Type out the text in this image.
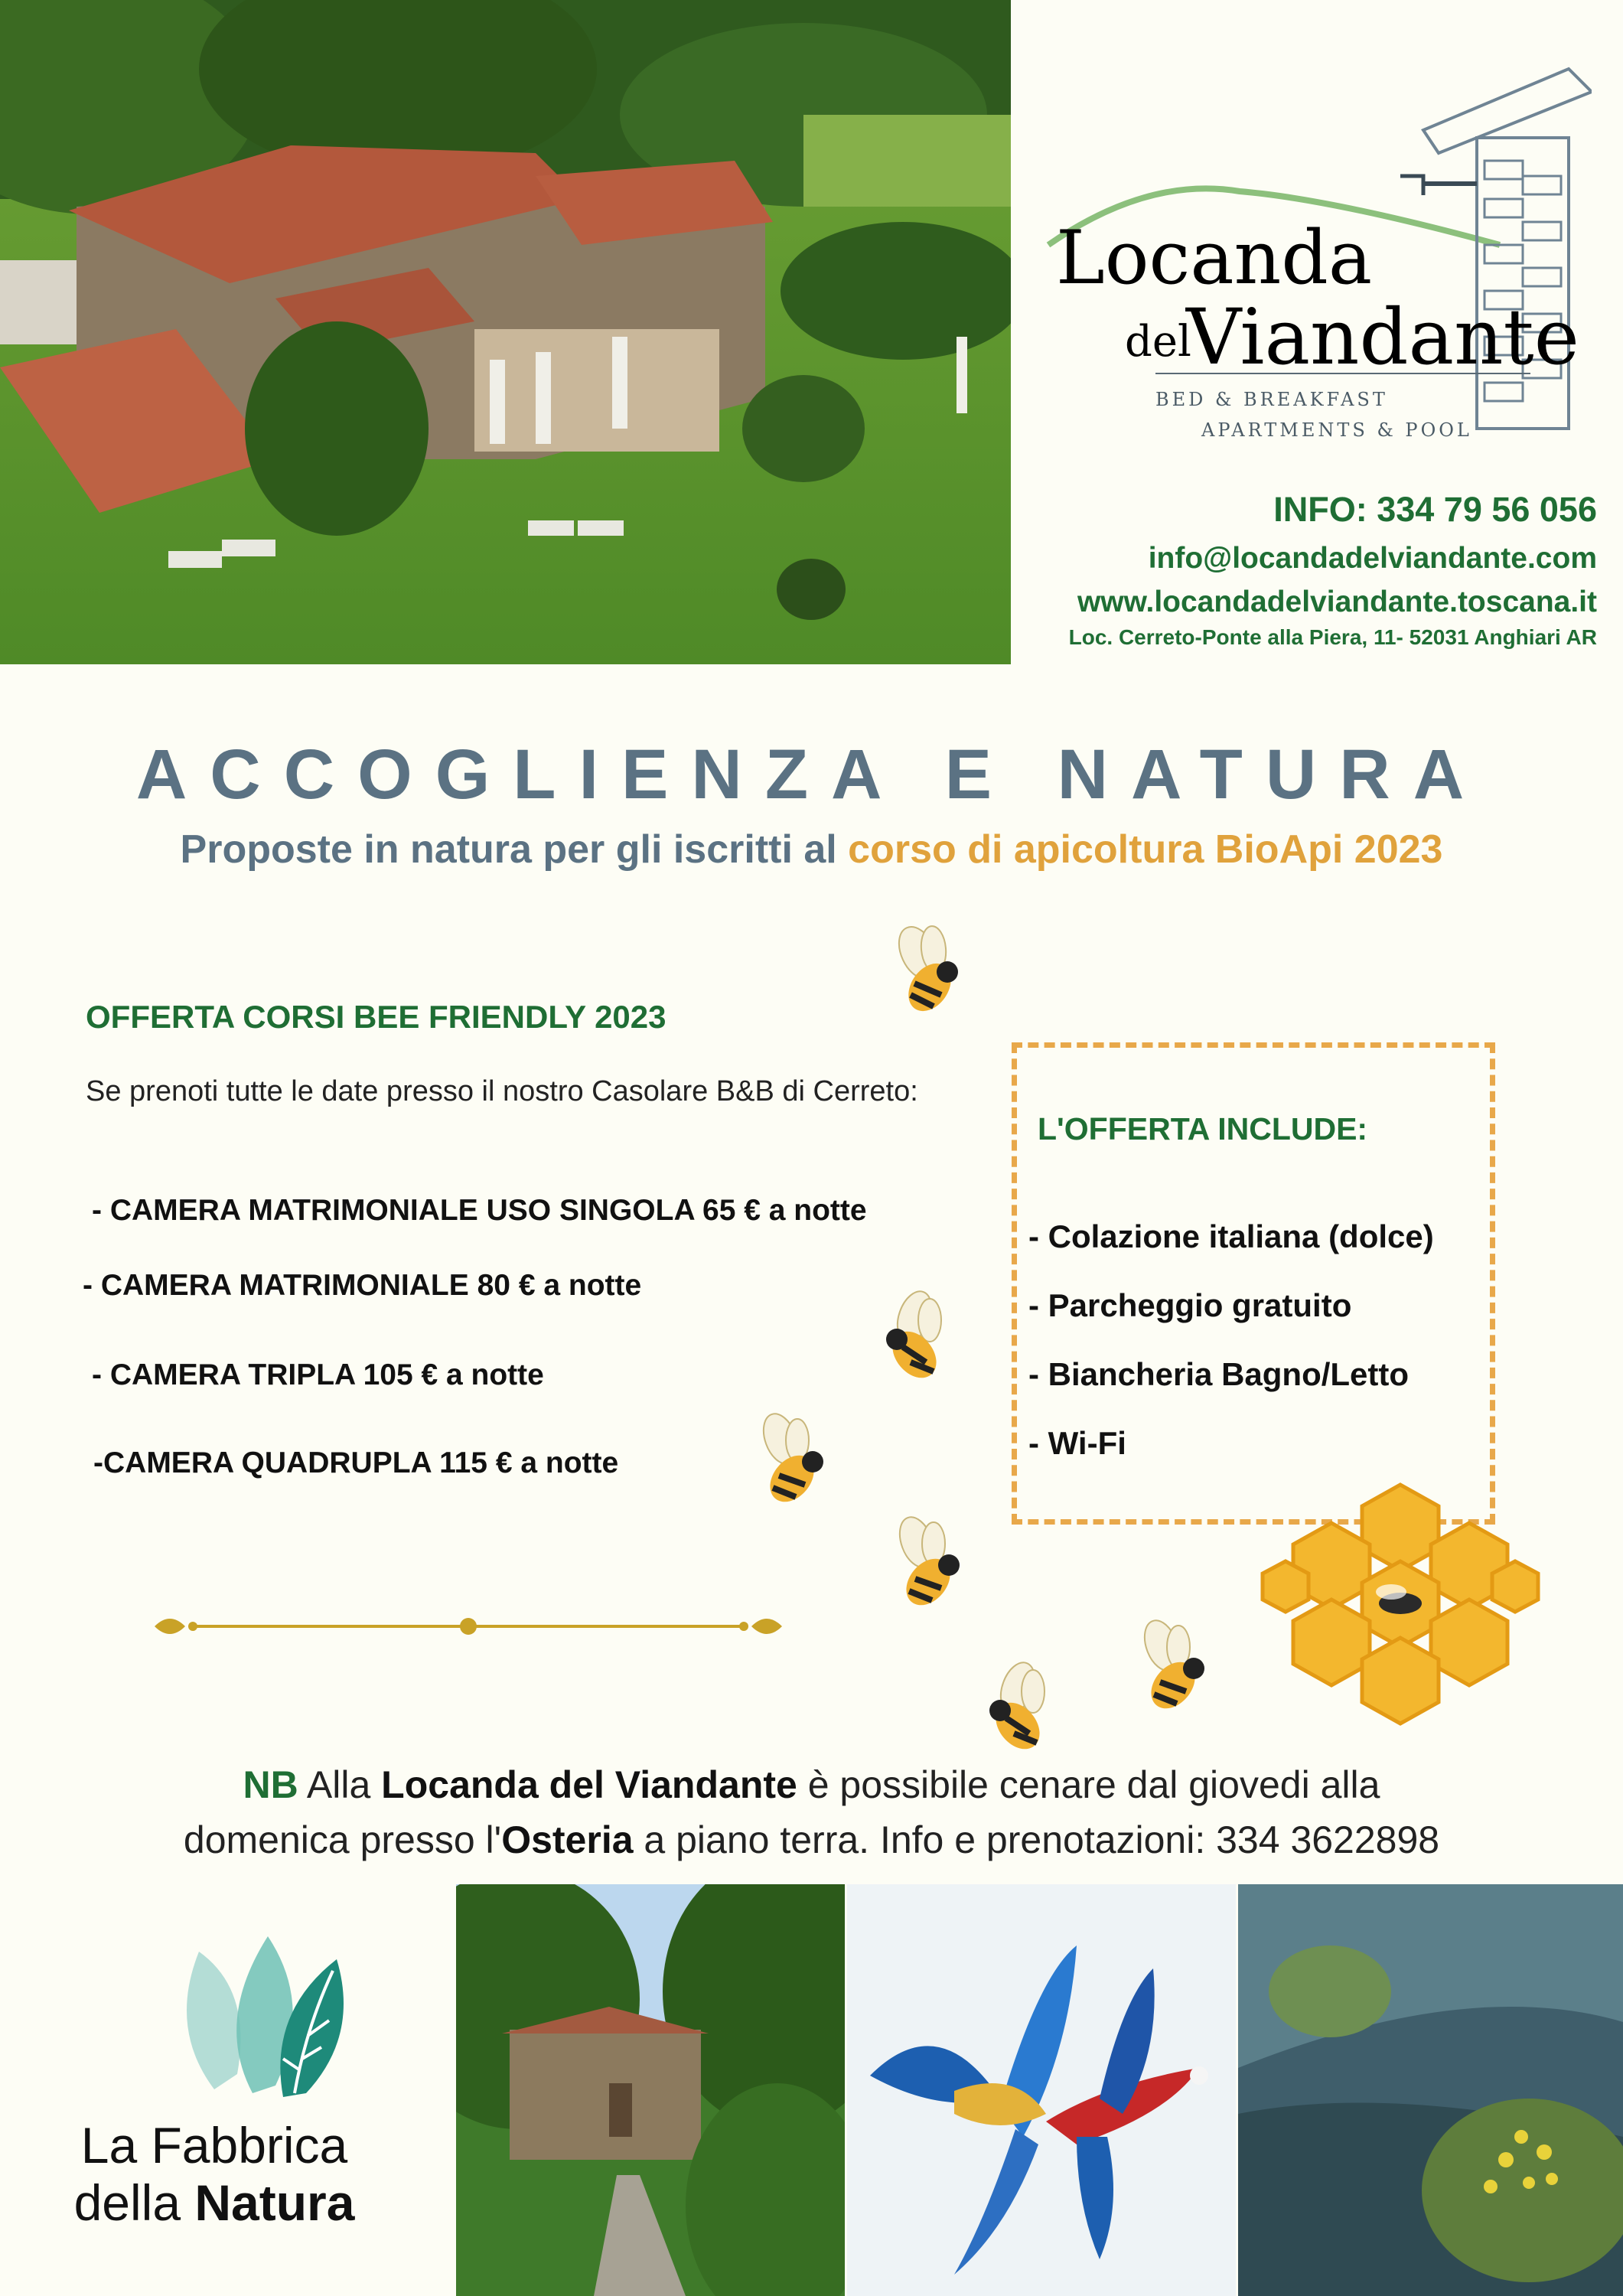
Locanda
del
Viandante
BED & BREAKFAST
APARTMENTS & POOL
INFO: 334 79 56 056
info@locandadelviandante.com
www.locandadelviandante.toscana.it
Loc. Cerreto-Ponte alla Piera, 11- 52031 Anghiari AR
ACCOGLIENZA E NATURA
Proposte in natura per gli iscritti al corso di apicoltura BioApi 2023
OFFERTA CORSI BEE FRIENDLY 2023
Se prenoti tutte le date presso il nostro Casolare B&B di Cerreto:
- CAMERA MATRIMONIALE USO SINGOLA 65 € a notte
- CAMERA MATRIMONIALE 80 € a notte
- CAMERA TRIPLA 105 € a notte
-CAMERA QUADRUPLA 115 € a notte
L'OFFERTA INCLUDE:
- Colazione italiana (dolce)
- Parcheggio gratuito
- Biancheria Bagno/Letto
- Wi-Fi
NB Alla Locanda del Viandante è possibile cenare dal giovedi alla
domenica presso l'Osteria a piano terra. Info e prenotazioni: 334 3622898
La Fabbrica
della Natura
